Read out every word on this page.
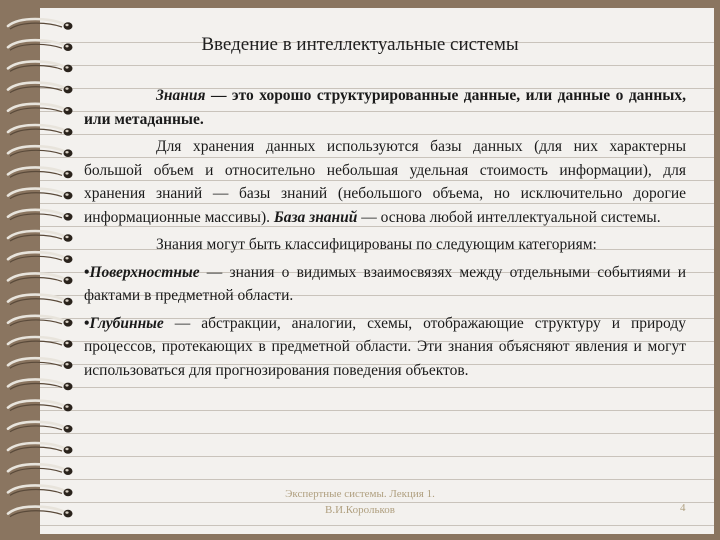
Введение в интеллектуальные системы

Знания — это хорошо структурированные данные, или данные о данных, или метаданные.

Для хранения данных используются базы данных (для них характерны большой объем и относительно небольшая удельная стоимость информации), для хранения знаний — базы знаний (небольшого объема, но исключительно дорогие информационные массивы). База знаний — основа любой интеллектуальной системы.

Знания могут быть классифицированы по следующим категориям:

•Поверхностные — знания о видимых взаимосвязях между отдельными событиями и фактами в предметной области.

•Глубинные — абстракции, аналогии, схемы, отображающие структуру и природу процессов, протекающих в предметной области. Эти знания объясняют явления и могут использоваться для прогнозирования поведения объектов.

Экспертные системы. Лекция 1.
В.И.Корольков	4
